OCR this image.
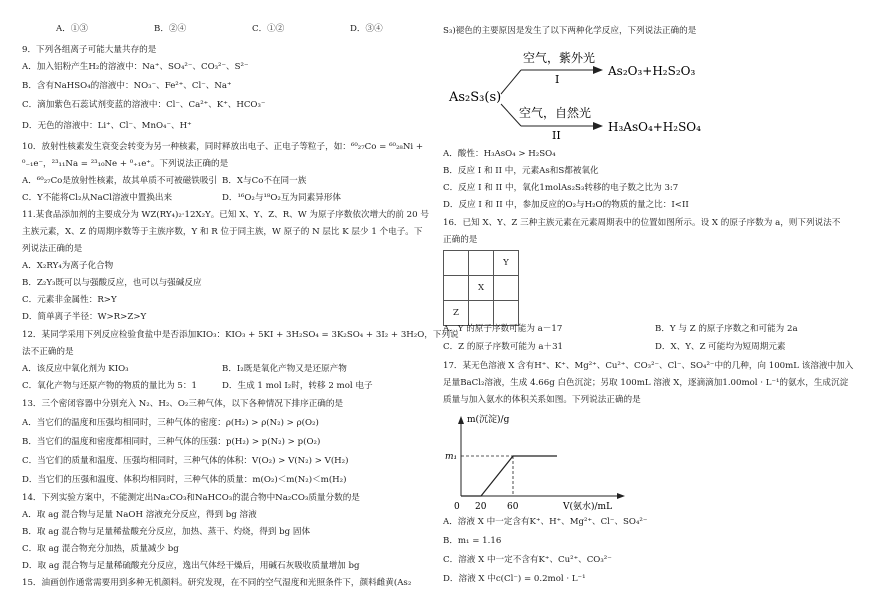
A．①③	B．②④	C．①②	D．③④
9．下列各组离子可能大量共存的是
A．加入铝粉产生H₂的溶液中：Na⁺、SO₄²⁻、CO₃²⁻、S²⁻
B．含有NaHSO₄的溶液中：NO₃⁻、Fe²⁺、Cl⁻、Na⁺
C．滴加紫色石蕊试剂变蓝的溶液中：Cl⁻、Ca²⁺、K⁺、HCO₃⁻
D．无色的溶液中：Li⁺、Cl⁻、MnO₄⁻、H⁺
10．放射性核素发生衰变会转变为另一种核素，同时释放出电子、正电子等粒子，如：⁶⁰₂₇Co = ⁶⁰₂₈Ni +
⁰₋₁e⁻，²³₁₁Na = ²³₁₀Ne + ⁰₊₁e⁺。下列说法正确的是
A．⁶⁰₂₇Co是放射性核素，故其单质不可被磁铁吸引 B．X与Co不在同一族
C．Y不能将Cl₂从NaCl溶液中置换出来	D．¹⁶O₂与¹⁸O₂互为同素异形体
11.某食品添加剂的主要成分为 WZ(RY₄)₂·12X₂Y。已知 X、Y、Z、R、W 为原子序数依次增大的前 20 号
主族元素，X、Z 的周期序数等于主族序数，Y 和 R 位于同主族，W 原子的 N 层比 K 层少 1 个电子。下
列说法正确的是
A．X₂RY₄为离子化合物
B．Z₂Y₃既可以与强酸反应，也可以与强碱反应
C．元素非金属性：R>Y
D．简单离子半径：W>R>Z>Y
12．某同学采用下列反应检验食盐中是否添加KIO₃：KIO₃ + 5KI + 3H₂SO₄ = 3K₂SO₄ + 3I₂ + 3H₂O，下列说
法不正确的是
A．该反应中氧化剂为 KIO₃	B．I₂既是氧化产物又是还原产物
C．氧化产物与还原产物的物质的量比为 5：1	D．生成 1 mol I₂时，转移 2 mol 电子
13．三个密闭容器中分别充入 N₂、H₂、O₂三种气体，以下各种情况下排序正确的是
A．当它们的温度和压强均相同时，三种气体的密度：ρ(H₂) > ρ(N₂) > ρ(O₂)
B．当它们的温度和密度都相同时，三种气体的压强：p(H₂) > p(N₂) > p(O₂)
C．当它们的质量和温度、压强均相同时，三种气体的体积：V(O₂) > V(N₂) > V(H₂)
D．当它们的压强和温度、体积均相同时，三种气体的质量：m(O₂)＜m(N₂)＜m(H₂)
14．下列实验方案中，不能测定出Na₂CO₃和NaHCO₃的混合物中Na₂CO₃质量分数的是
A．取 ag 混合物与足量 NaOH 溶液充分反应，得到 bg 溶液
B．取 ag 混合物与足量稀盐酸充分反应，加热、蒸干、灼烧，得到 bg 固体
C．取 ag 混合物充分加热，质量减少 bg
D．取 ag 混合物与足量稀硫酸充分反应，逸出气体经干燥后，用碱石灰吸收质量增加 bg
15．油画创作通常需要用到多种无机颜料。研究发现，在不同的空气湿度和光照条件下，颜料雌黄(As₂
S₃)褪色的主要原因是发生了以下两种化学反应，下列说法正确的是
As₂S₃(s)
空气，紫外光
I
As₂O₃+H₂S₂O₃
空气，自然光
II
H₃AsO₄+H₂SO₄
A．酸性：H₃AsO₄ > H₂SO₄
B．反应 I 和 II 中，元素As和S都被氧化
C．反应 I 和 II 中，氧化1molAs₂S₃转移的电子数之比为 3:7
D．反应 I 和 II 中，参加反应的O₂与H₂O的物质的量之比：I<II
16．已知 X、Y、Z 三种主族元素在元素周期表中的位置如图所示。设 X 的原子序数为 a，则下列说法不
正确的是
		Y
	X	
Z		
A．Y 的原子序数可能为 a－17	B．Y 与 Z 的原子序数之和可能为 2a
C．Z 的原子序数可能为 a＋31	D．X、Y、Z 可能均为短周期元素
17．某无色溶液 X 含有H⁺、K⁺、Mg²⁺、Cu²⁺、CO₃²⁻、Cl⁻、SO₄²⁻中的几种，向 100mL 该溶液中加入
足量BaCl₂溶液，生成 4.66g 白色沉淀；另取 100mL 溶液 X，逐滴滴加1.00mol · L⁻¹的氨水，生成沉淀
质量与加入氨水的体积关系如图。下列说法正确的是
m(沉淀)/g
m₁
0 20 60	V(氨水)/mL
A．溶液 X 中一定含有K⁺、H⁺、Mg²⁺、Cl⁻、SO₄²⁻
B．m₁ = 1.16
C．溶液 X 中一定不含有K⁺、Cu²⁺、CO₃²⁻
D．溶液 X 中c(Cl⁻) = 0.2mol · L⁻¹
